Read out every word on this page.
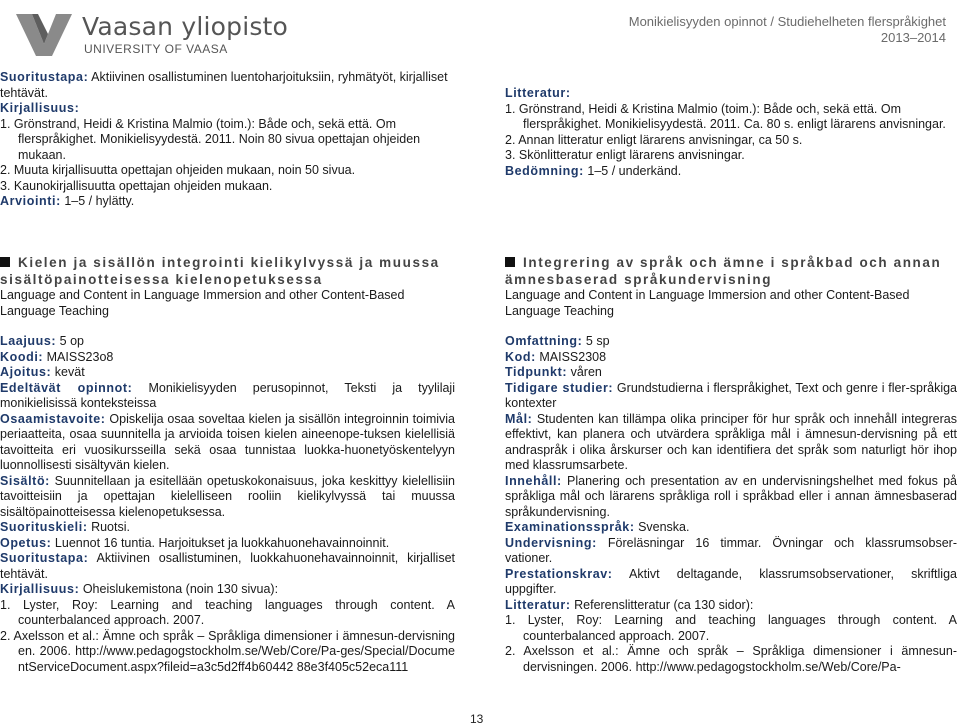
Vaasan yliopisto
UNIVERSITY OF VAASA
Monikielisyyden opinnot / Studiehelheten flerspråkighet
2013–2014

Suoritustapa: Aktiivinen osallistuminen luentoharjoituksiin, ryhmätyöt, kirjalliset tehtävät.

Kirjallisuus:

1. Grönstrand, Heidi & Kristina Malmio (toim.): Både och, sekä että. Om flerspråkighet. Monikielisyydestä. 2011. Noin 80 sivua opettajan ohjeiden mukaan.
2. Muuta kirjallisuutta opettajan ohjeiden mukaan, noin 50 sivua.
3. Kaunokirjallisuutta opettajan ohjeiden mukaan.

Arviointi: 1–5 / hylätty.

Litteratur:

1. Grönstrand, Heidi & Kristina Malmio (toim.): Både och, sekä että. Om flerspråkighet. Monikielisyydestä. 2011. Ca. 80 s. enligt lärarens anvisningar.
2. Annan litteratur enligt lärarens anvisningar, ca 50 s.
3. Skönlitteratur enligt lärarens anvisningar.

Bedömning: 1–5 / underkänd.

Kielen ja sisällön integrointi kielikylvyssä ja muussa sisältöpainotteisessa kielenopetuksessa

Language and Content in Language Immersion and other Content-Based Language Teaching

Laajuus: 5 op

Koodi: MAISS23o8

Ajoitus: kevät

Edeltävät opinnot: Monikielisyyden perusopinnot, Teksti ja tyylilaji monikielisissä konteksteissa

Osaamistavoite: Opiskelija osaa soveltaa kielen ja sisällön integroinnin toimivia periaatteita, osaa suunnitella ja arvioida toisen kielen aineenope-tuksen kielellisiä tavoitteita eri vuosikursseilla sekä osaa tunnistaa luokka-huonetyöskentelyyn luonnollisesti sisältyvän kielen.

Sisältö: Suunnitellaan ja esitellään opetuskokonaisuus, joka keskittyy kielellisiin tavoitteisiin ja opettajan kielelliseen rooliin kielikylvyssä tai muussa sisältöpainotteisessa kielenopetuksessa.

Suorituskieli: Ruotsi.

Opetus: Luennot 16 tuntia. Harjoitukset ja luokkahuonehavainnoinnit.

Suoritustapa: Aktiivinen osallistuminen, luokkahuonehavainnoinnit, kirjalliset tehtävät.

Kirjallisuus: Oheislukemistona (noin 130 sivua):

1. Lyster, Roy: Learning and teaching languages through content. A counterbalanced approach. 2007.
2. Axelsson et al.: Ämne och språk – Språkliga dimensioner i ämnesun-dervisningen. 2006. http://www.pedagogstockholm.se/Web/Core/Pa-ges/Special/DocumentServiceDocument.aspx?fileid=a3c5d2ff4b60442 88e3f405c52eca111

Integrering av språk och ämne i språkbad och annan ämnesbaserad språkundervisning

Language and Content in Language Immersion and other Content-Based Language Teaching

Omfattning: 5 sp

Kod: MAISS2308

Tidpunkt: våren

Tidigare studier: Grundstudierna i flerspråkighet, Text och genre i fler-språkiga kontexter

Mål: Studenten kan tillämpa olika principer för hur språk och innehåll integreras effektivt, kan planera och utvärdera språkliga mål i ämnesun-dervisning på ett andraspråk i olika årskurser och kan identifiera det språk som naturligt hör ihop med klassrumsarbete.

Innehåll: Planering och presentation av en undervisningshelhet med fokus på språkliga mål och lärarens språkliga roll i språkbad eller i annan ämnesbaserad språkundervisning.

Examinationsspråk: Svenska.

Undervisning: Föreläsningar 16 timmar. Övningar och klassrumsobser-vationer.

Prestationskrav: Aktivt deltagande, klassrumsobservationer, skriftliga uppgifter.

Litteratur: Referenslitteratur (ca 130 sidor):

1. Lyster, Roy: Learning and teaching languages through content. A counterbalanced approach. 2007.
2. Axelsson et al.: Ämne och språk – Språkliga dimensioner i ämnesun-dervisningen. 2006. http://www.pedagogstockholm.se/Web/Core/Pa-
13
